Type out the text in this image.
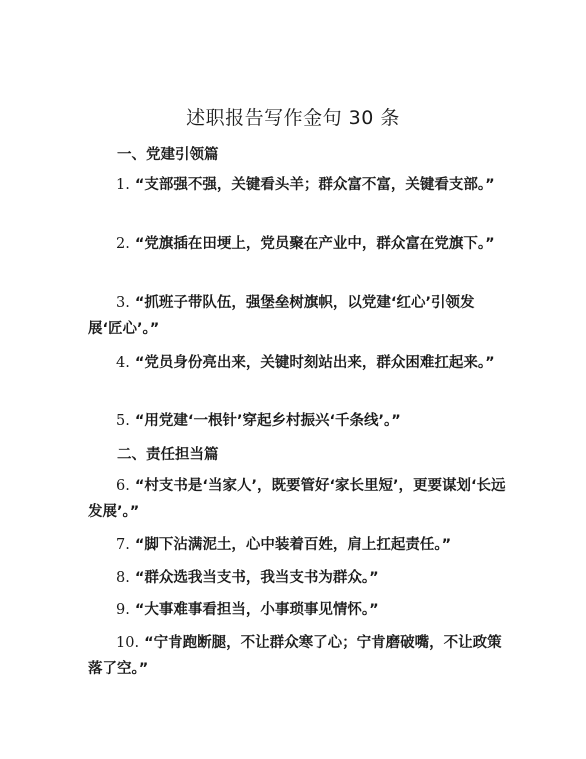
述职报告写作金句 30 条
一、党建引领篇
1. “支部强不强，关键看头羊；群众富不富，关键看支部。”
2. “党旗插在田埂上，党员聚在产业中，群众富在党旗下。”
3. “抓班子带队伍，强堡垒树旗帜，以党建‘红心’引领发展‘匠心’。”
4. “党员身份亮出来，关键时刻站出来，群众困难扛起来。”
5. “用党建‘一根针’穿起乡村振兴‘千条线’。”
二、责任担当篇
6. “村支书是‘当家人’，既要管好‘家长里短’，更要谋划‘长远发展’。”
7. “脚下沾满泥土，心中装着百姓，肩上扛起责任。”
8. “群众选我当支书，我当支书为群众。”
9. “大事难事看担当，小事琐事见情怀。”
10. “宁肯跑断腿，不让群众寒了心；宁肯磨破嘴，不让政策落了空。”
